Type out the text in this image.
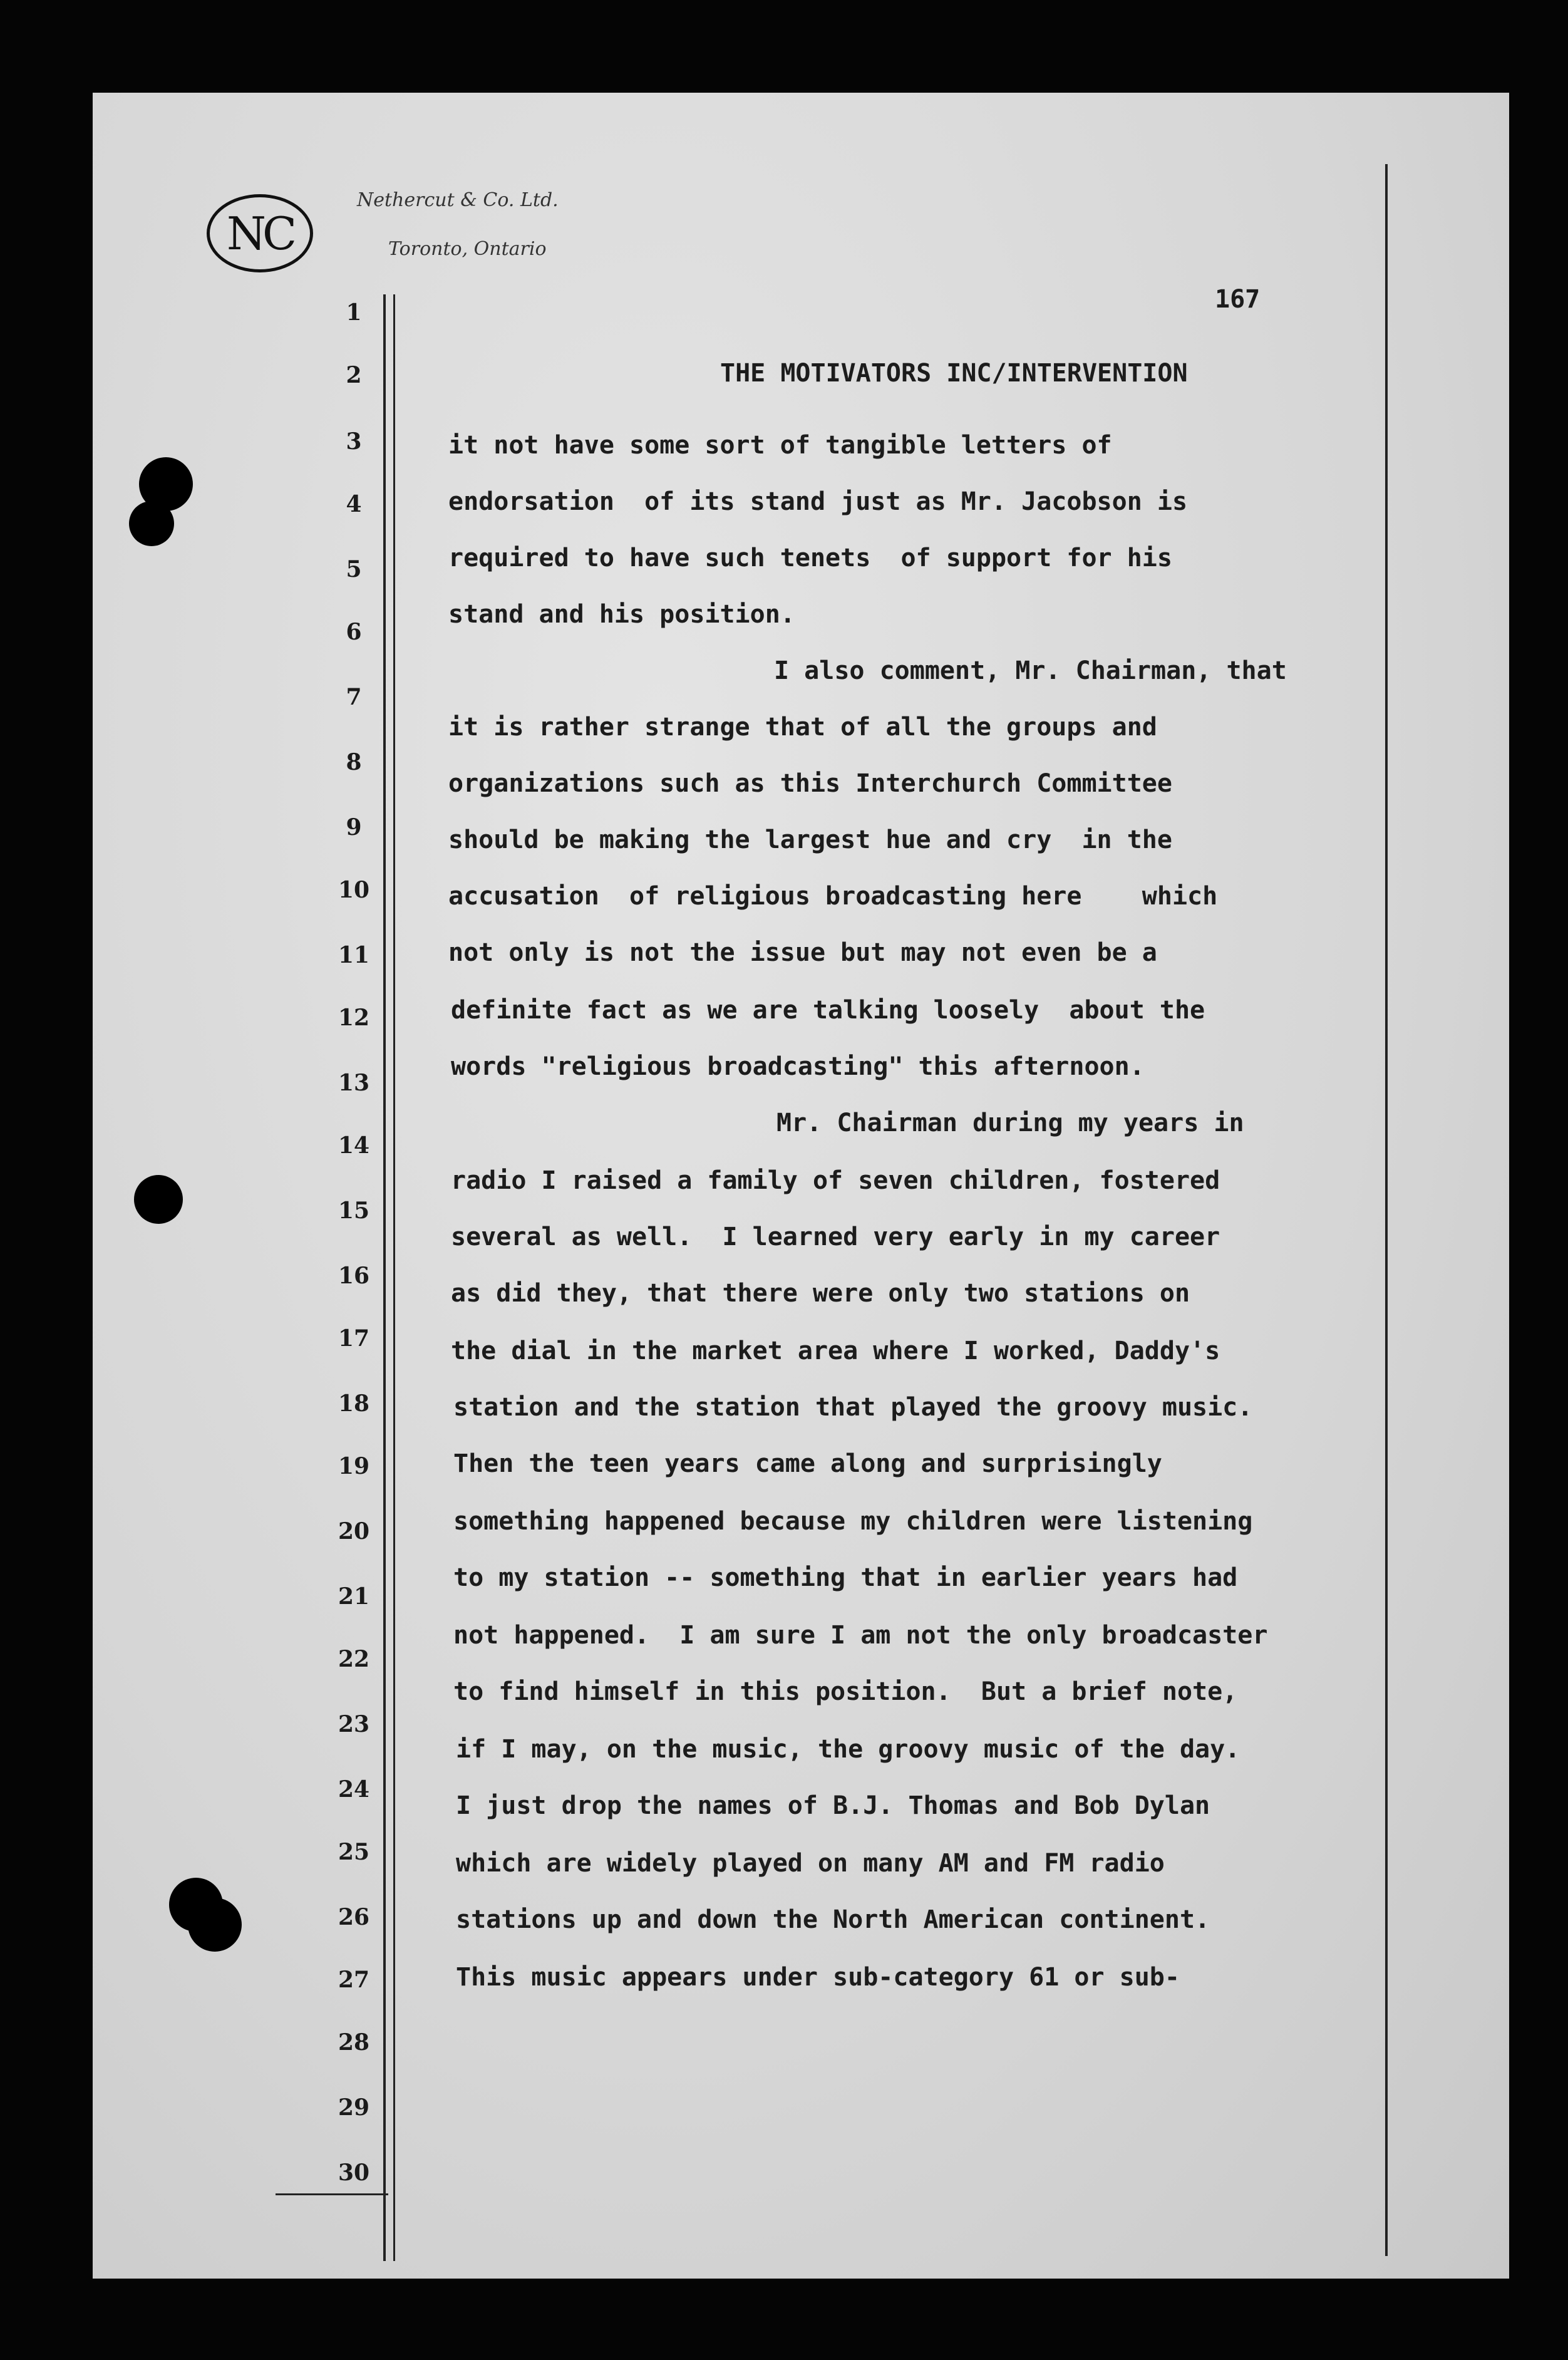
NC
Nethercut & Co. Ltd.
Toronto, Ontario
167
THE MOTIVATORS INC/INTERVENTION
1
2
3
4
5
6
7
8
9
10
11
12
13
14
15
16
17
18
19
20
21
22
23
24
25
26
27
28
29
30
it not have some sort of tangible letters of
endorsation  of its stand just as Mr. Jacobson is
required to have such tenets  of support for his
stand and his position.
I also comment, Mr. Chairman, that
it is rather strange that of all the groups and
organizations such as this Interchurch Committee
should be making the largest hue and cry  in the
accusation  of religious broadcasting here    which
not only is not the issue but may not even be a
definite fact as we are talking loosely  about the
words "religious broadcasting" this afternoon.
Mr. Chairman during my years in
radio I raised a family of seven children, fostered
several as well.  I learned very early in my career
as did they, that there were only two stations on
the dial in the market area where I worked, Daddy's
station and the station that played the groovy music.
Then the teen years came along and surprisingly
something happened because my children were listening
to my station -- something that in earlier years had
not happened.  I am sure I am not the only broadcaster
to find himself in this position.  But a brief note,
if I may, on the music, the groovy music of the day.
I just drop the names of B.J. Thomas and Bob Dylan
which are widely played on many AM and FM radio
stations up and down the North American continent.
This music appears under sub-category 61 or sub-
